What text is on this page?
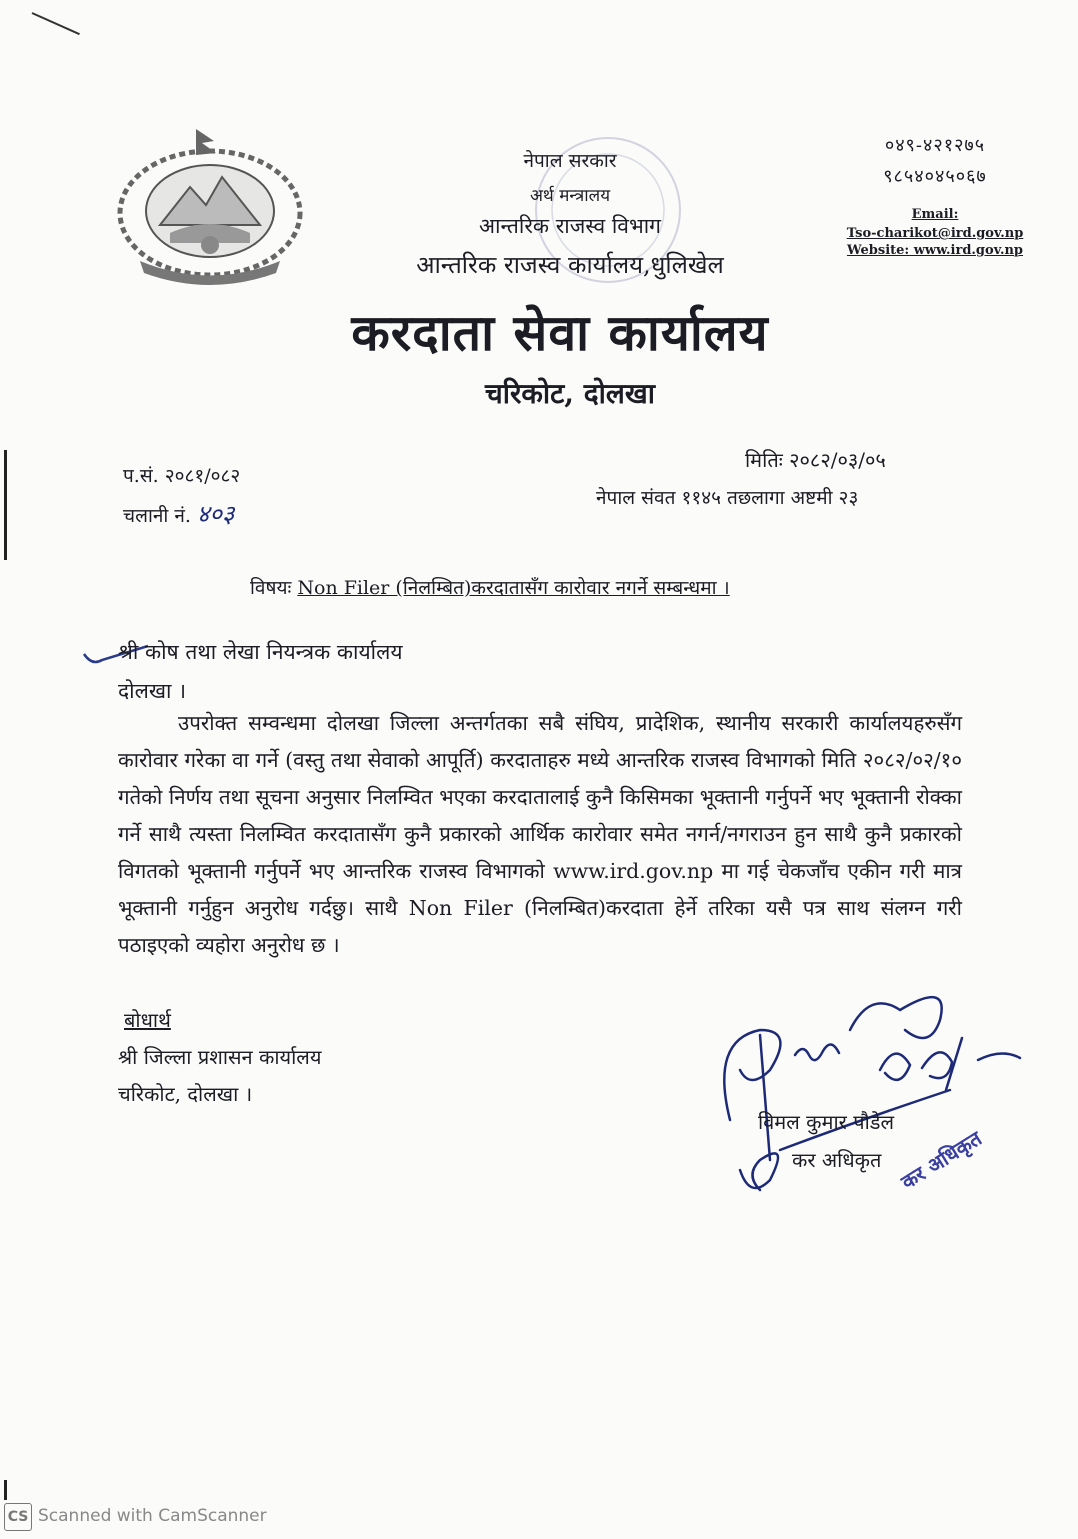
नेपाल सरकार
अर्थ मन्त्रालय
आन्तरिक राजस्व विभाग
आन्तरिक राजस्व कार्यालय,धुलिखेल
करदाता सेवा कार्यालय
चरिकोट, दोलखा
०४९-४२१२७५
९८५४०४५०६७
Email:
Tso-charikot@ird.gov.np
Website: www.ird.gov.np
प.सं. २०८१/०८२
चलानी नं. ४०३
मितिः २०८२/०३/०५
नेपाल संवत ११४५ तछलागा अष्टमी २३
विषयः Non Filer (निलम्बित)करदातासँग कारोवार नगर्ने सम्बन्धमा ।
श्री कोष तथा लेखा नियन्त्रक कार्यालय
दोलखा ।
उपरोक्त सम्वन्धमा दोलखा जिल्ला अन्तर्गतका सबै संघिय, प्रादेशिक, स्थानीय सरकारी कार्यालयहरुसँग कारोवार गरेका वा गर्ने (वस्तु तथा सेवाको आपूर्ति) करदाताहरु मध्ये आन्तरिक राजस्व विभागको मिति २०८२/०२/१० गतेको निर्णय तथा सूचना अनुसार निलम्वित भएका करदातालाई कुनै किसिमका भूक्तानी गर्नुपर्ने भए भूक्तानी रोक्का गर्ने साथै त्यस्ता निलम्वित करदातासँग कुनै प्रकारको आर्थिक कारोवार समेत नगर्न/नगराउन हुन साथै कुनै प्रकारको विगतको भूक्तानी गर्नुपर्ने भए आन्तरिक राजस्व विभागको www.ird.gov.np मा गई चेकजाँच एकीन गरी मात्र भूक्तानी गर्नुहुन अनुरोध गर्दछु। साथै Non Filer (निलम्बित)करदाता हेर्ने तरिका यसै पत्र साथ संलग्न गरी पठाइएको व्यहोरा अनुरोध छ ।
बोधार्थ
श्री जिल्ला प्रशासन कार्यालय
चरिकोट, दोलखा ।
विमल कुमार पौडेल
कर अधिकृत कर अधिकृत
CS Scanned with CamScanner
